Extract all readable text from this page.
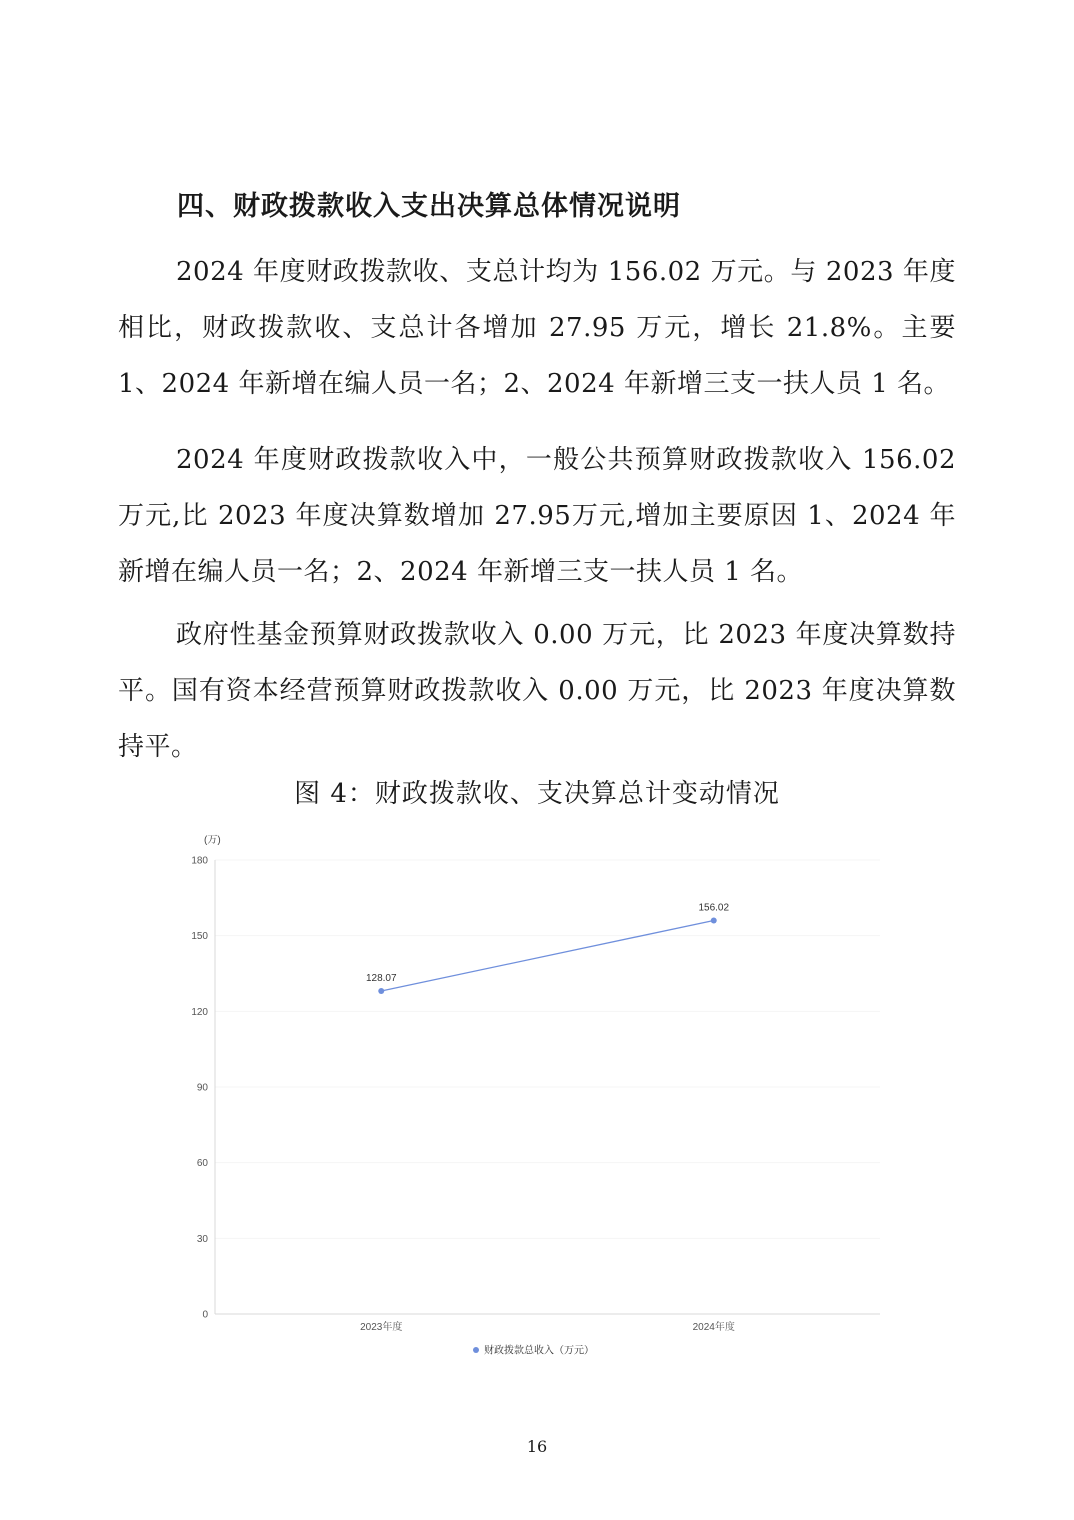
四、财政拨款收入支出决算总体情况说明
2024 年度财政拨款收、支总计均为 156.02 万元。与 2023 年度相比，财政拨款收、支总计各增加 27.95 万元，增长 21.8%。主要 1、2024 年新增在编人员一名；2、2024 年新增三支一扶人员 1 名。
2024 年度财政拨款收入中，一般公共预算财政拨款收入 156.02万元,比 2023 年度决算数增加 27.95万元,增加主要原因 1、2024 年新增在编人员一名；2、2024 年新增三支一扶人员 1 名。
政府性基金预算财政拨款收入 0.00 万元，比 2023 年度决算数持平。国有资本经营预算财政拨款收入 0.00 万元，比 2023 年度决算数持平。
图 4：财政拨款收、支决算总计变动情况
(万)
0
30
60
90
120
150
180
2023年度	2024年度
128.07
156.02
财政拨款总收入（万元）
16
